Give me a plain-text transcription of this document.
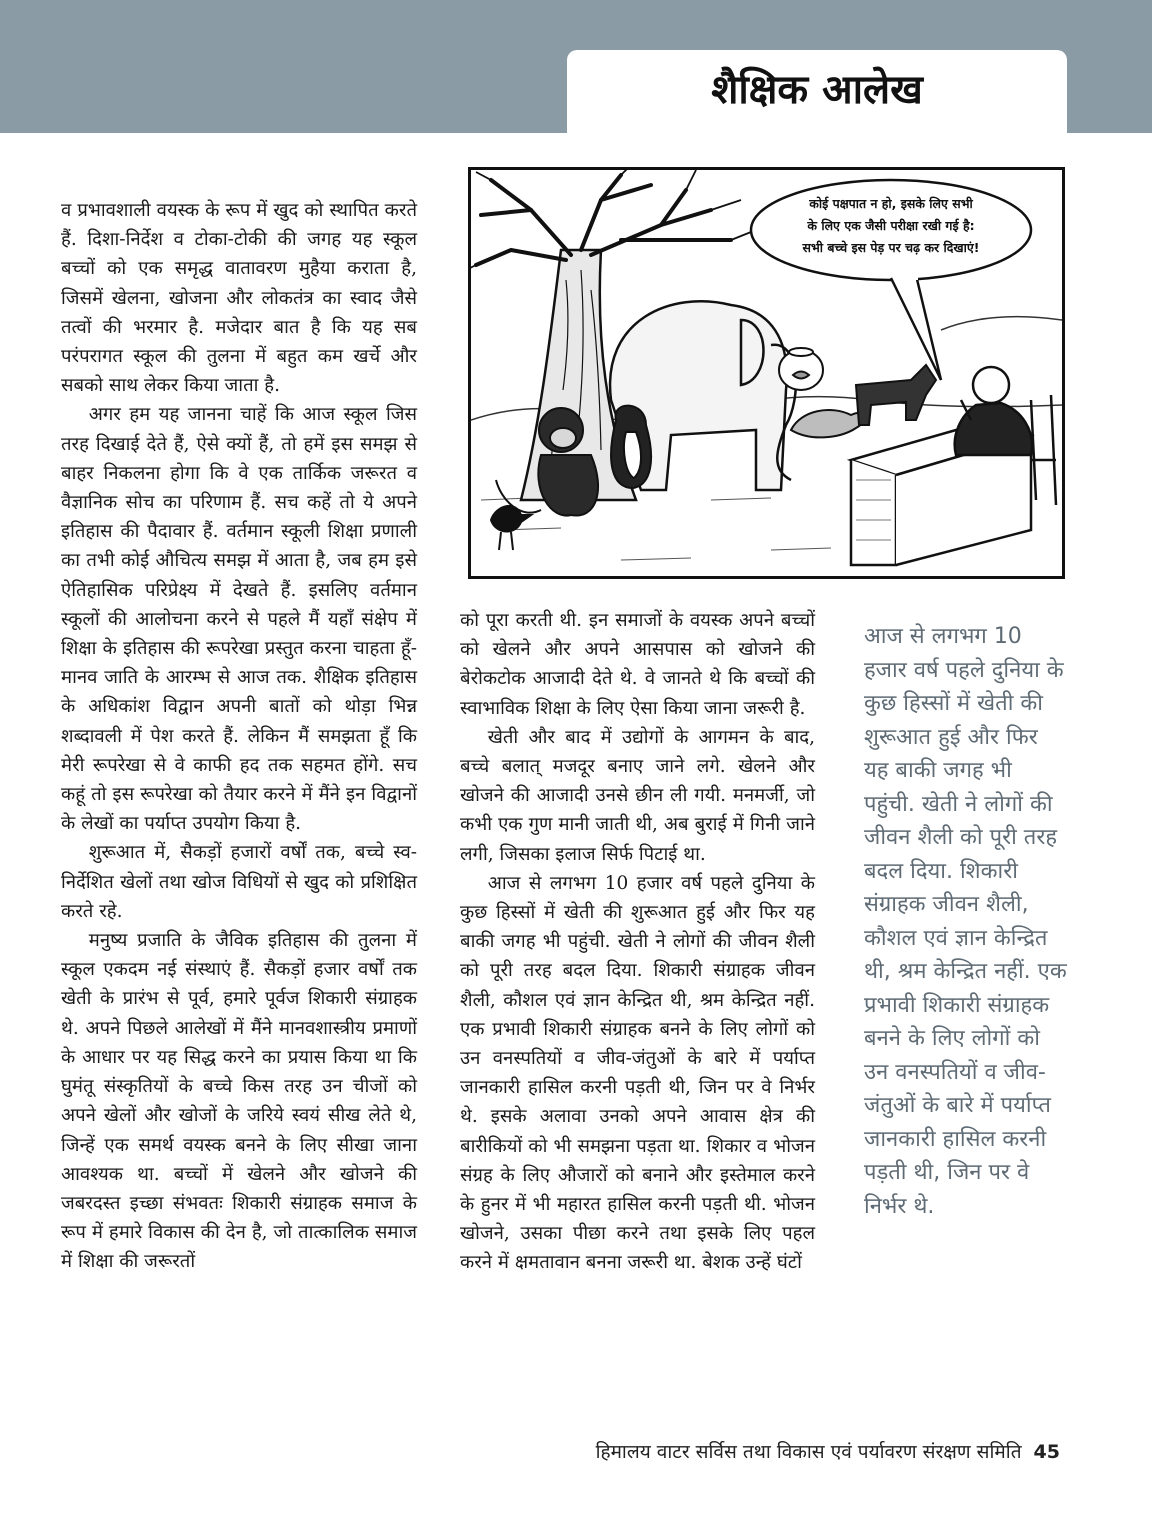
शैक्षिक आलेख

व प्रभावशाली वयस्क के रूप में खुद को स्थापित करते हैं. दिशा-निर्देश व टोका-टोकी की जगह यह स्कूल बच्चों को एक समृद्ध वातावरण मुहैया कराता है, जिसमें खेलना, खोजना और लोकतंत्र का स्वाद जैसे तत्वों की भरमार है. मजेदार बात है कि यह सब परंपरागत स्कूल की तुलना में बहुत कम खर्चे और सबको साथ लेकर किया जाता है.

अगर हम यह जानना चाहें कि आज स्कूल जिस तरह दिखाई देते हैं, ऐसे क्यों हैं, तो हमें इस समझ से बाहर निकलना होगा कि वे एक तार्किक जरूरत व वैज्ञानिक सोच का परिणाम हैं. सच कहें तो ये अपने इतिहास की पैदावार हैं. वर्तमान स्कूली शिक्षा प्रणाली का तभी कोई औचित्य समझ में आता है, जब हम इसे ऐतिहासिक परिप्रेक्ष्य में देखते हैं. इसलिए वर्तमान स्कूलों की आलोचना करने से पहले मैं यहाँ संक्षेप में शिक्षा के इतिहास की रूपरेखा प्रस्तुत करना चाहता हूँ- मानव जाति के आरम्भ से आज तक. शैक्षिक इतिहास के अधिकांश विद्वान अपनी बातों को थोड़ा भिन्न शब्दावली में पेश करते हैं. लेकिन मैं समझता हूँ कि मेरी रूपरेखा से वे काफी हद तक सहमत होंगे. सच कहूं तो इस रूपरेखा को तैयार करने में मैंने इन विद्वानों के लेखों का पर्याप्त उपयोग किया है.

शुरूआत में, सैकड़ों हजारों वर्षों तक, बच्चे स्व-निर्देशित खेलों तथा खोज विधियों से खुद को प्रशिक्षित करते रहे.

मनुष्य प्रजाति के जैविक इतिहास की तुलना में स्कूल एकदम नई संस्थाएं हैं. सैकड़ों हजार वर्षों तक खेती के प्रारंभ से पूर्व, हमारे पूर्वज शिकारी संग्राहक थे. अपने पिछले आलेखों में मैंने मानवशास्त्रीय प्रमाणों के आधार पर यह सिद्ध करने का प्रयास किया था कि घुमंतू संस्कृतियों के बच्चे किस तरह उन चीजों को अपने खेलों और खोजों के जरिये स्वयं सीख लेते थे, जिन्हें एक समर्थ वयस्क बनने के लिए सीखा जाना आवश्यक था. बच्चों में खेलने और खोजने की जबरदस्त इच्छा संभवतः शिकारी संग्राहक समाज के रूप में हमारे विकास की देन है, जो तात्कालिक समाज में शिक्षा की जरूरतों

कोई पक्षपात न हो, इसके लिए सभी
के लिए एक जैसी परीक्षा रखी गई है:
सभी बच्चे इस पेड़ पर चढ़ कर दिखाएं!

को पूरा करती थी. इन समाजों के वयस्क अपने बच्चों को खेलने और अपने आसपास को खोजने की बेरोकटोक आजादी देते थे. वे जानते थे कि बच्चों की स्वाभाविक शिक्षा के लिए ऐसा किया जाना जरूरी है.

खेती और बाद में उद्योगों के आगमन के बाद, बच्चे बलात् मजदूर बनाए जाने लगे. खेलने और खोजने की आजादी उनसे छीन ली गयी. मनमर्जी, जो कभी एक गुण मानी जाती थी, अब बुराई में गिनी जाने लगी, जिसका इलाज सिर्फ पिटाई था.

आज से लगभग 10 हजार वर्ष पहले दुनिया के कुछ हिस्सों में खेती की शुरूआत हुई और फिर यह बाकी जगह भी पहुंची. खेती ने लोगों की जीवन शैली को पूरी तरह बदल दिया. शिकारी संग्राहक जीवन शैली, कौशल एवं ज्ञान केन्द्रित थी, श्रम केन्द्रित नहीं. एक प्रभावी शिकारी संग्राहक बनने के लिए लोगों को उन वनस्पतियों व जीव-जंतुओं के बारे में पर्याप्त जानकारी हासिल करनी पड़ती थी, जिन पर वे निर्भर थे. इसके अलावा उनको अपने आवास क्षेत्र की बारीकियों को भी समझना पड़ता था. शिकार व भोजन संग्रह के लिए औजारों को बनाने और इस्तेमाल करने के हुनर में भी महारत हासिल करनी पड़ती थी. भोजन खोजने, उसका पीछा करने तथा इसके लिए पहल करने में क्षमतावान बनना जरूरी था. बेशक उन्हें घंटों

आज से लगभग 10 हजार वर्ष पहले दुनिया के कुछ हिस्सों में खेती की शुरूआत हुई और फिर यह बाकी जगह भी पहुंची. खेती ने लोगों की जीवन शैली को पूरी तरह बदल दिया. शिकारी संग्राहक जीवन शैली, कौशल एवं ज्ञान केन्द्रित थी, श्रम केन्द्रित नहीं. एक प्रभावी शिकारी संग्राहक बनने के लिए लोगों को उन वनस्पतियों व जीव-जंतुओं के बारे में पर्याप्त जानकारी हासिल करनी पड़ती थी, जिन पर वे निर्भर थे.
हिमालय वाटर सर्विस तथा विकास एवं पर्यावरण संरक्षण समिति 45
